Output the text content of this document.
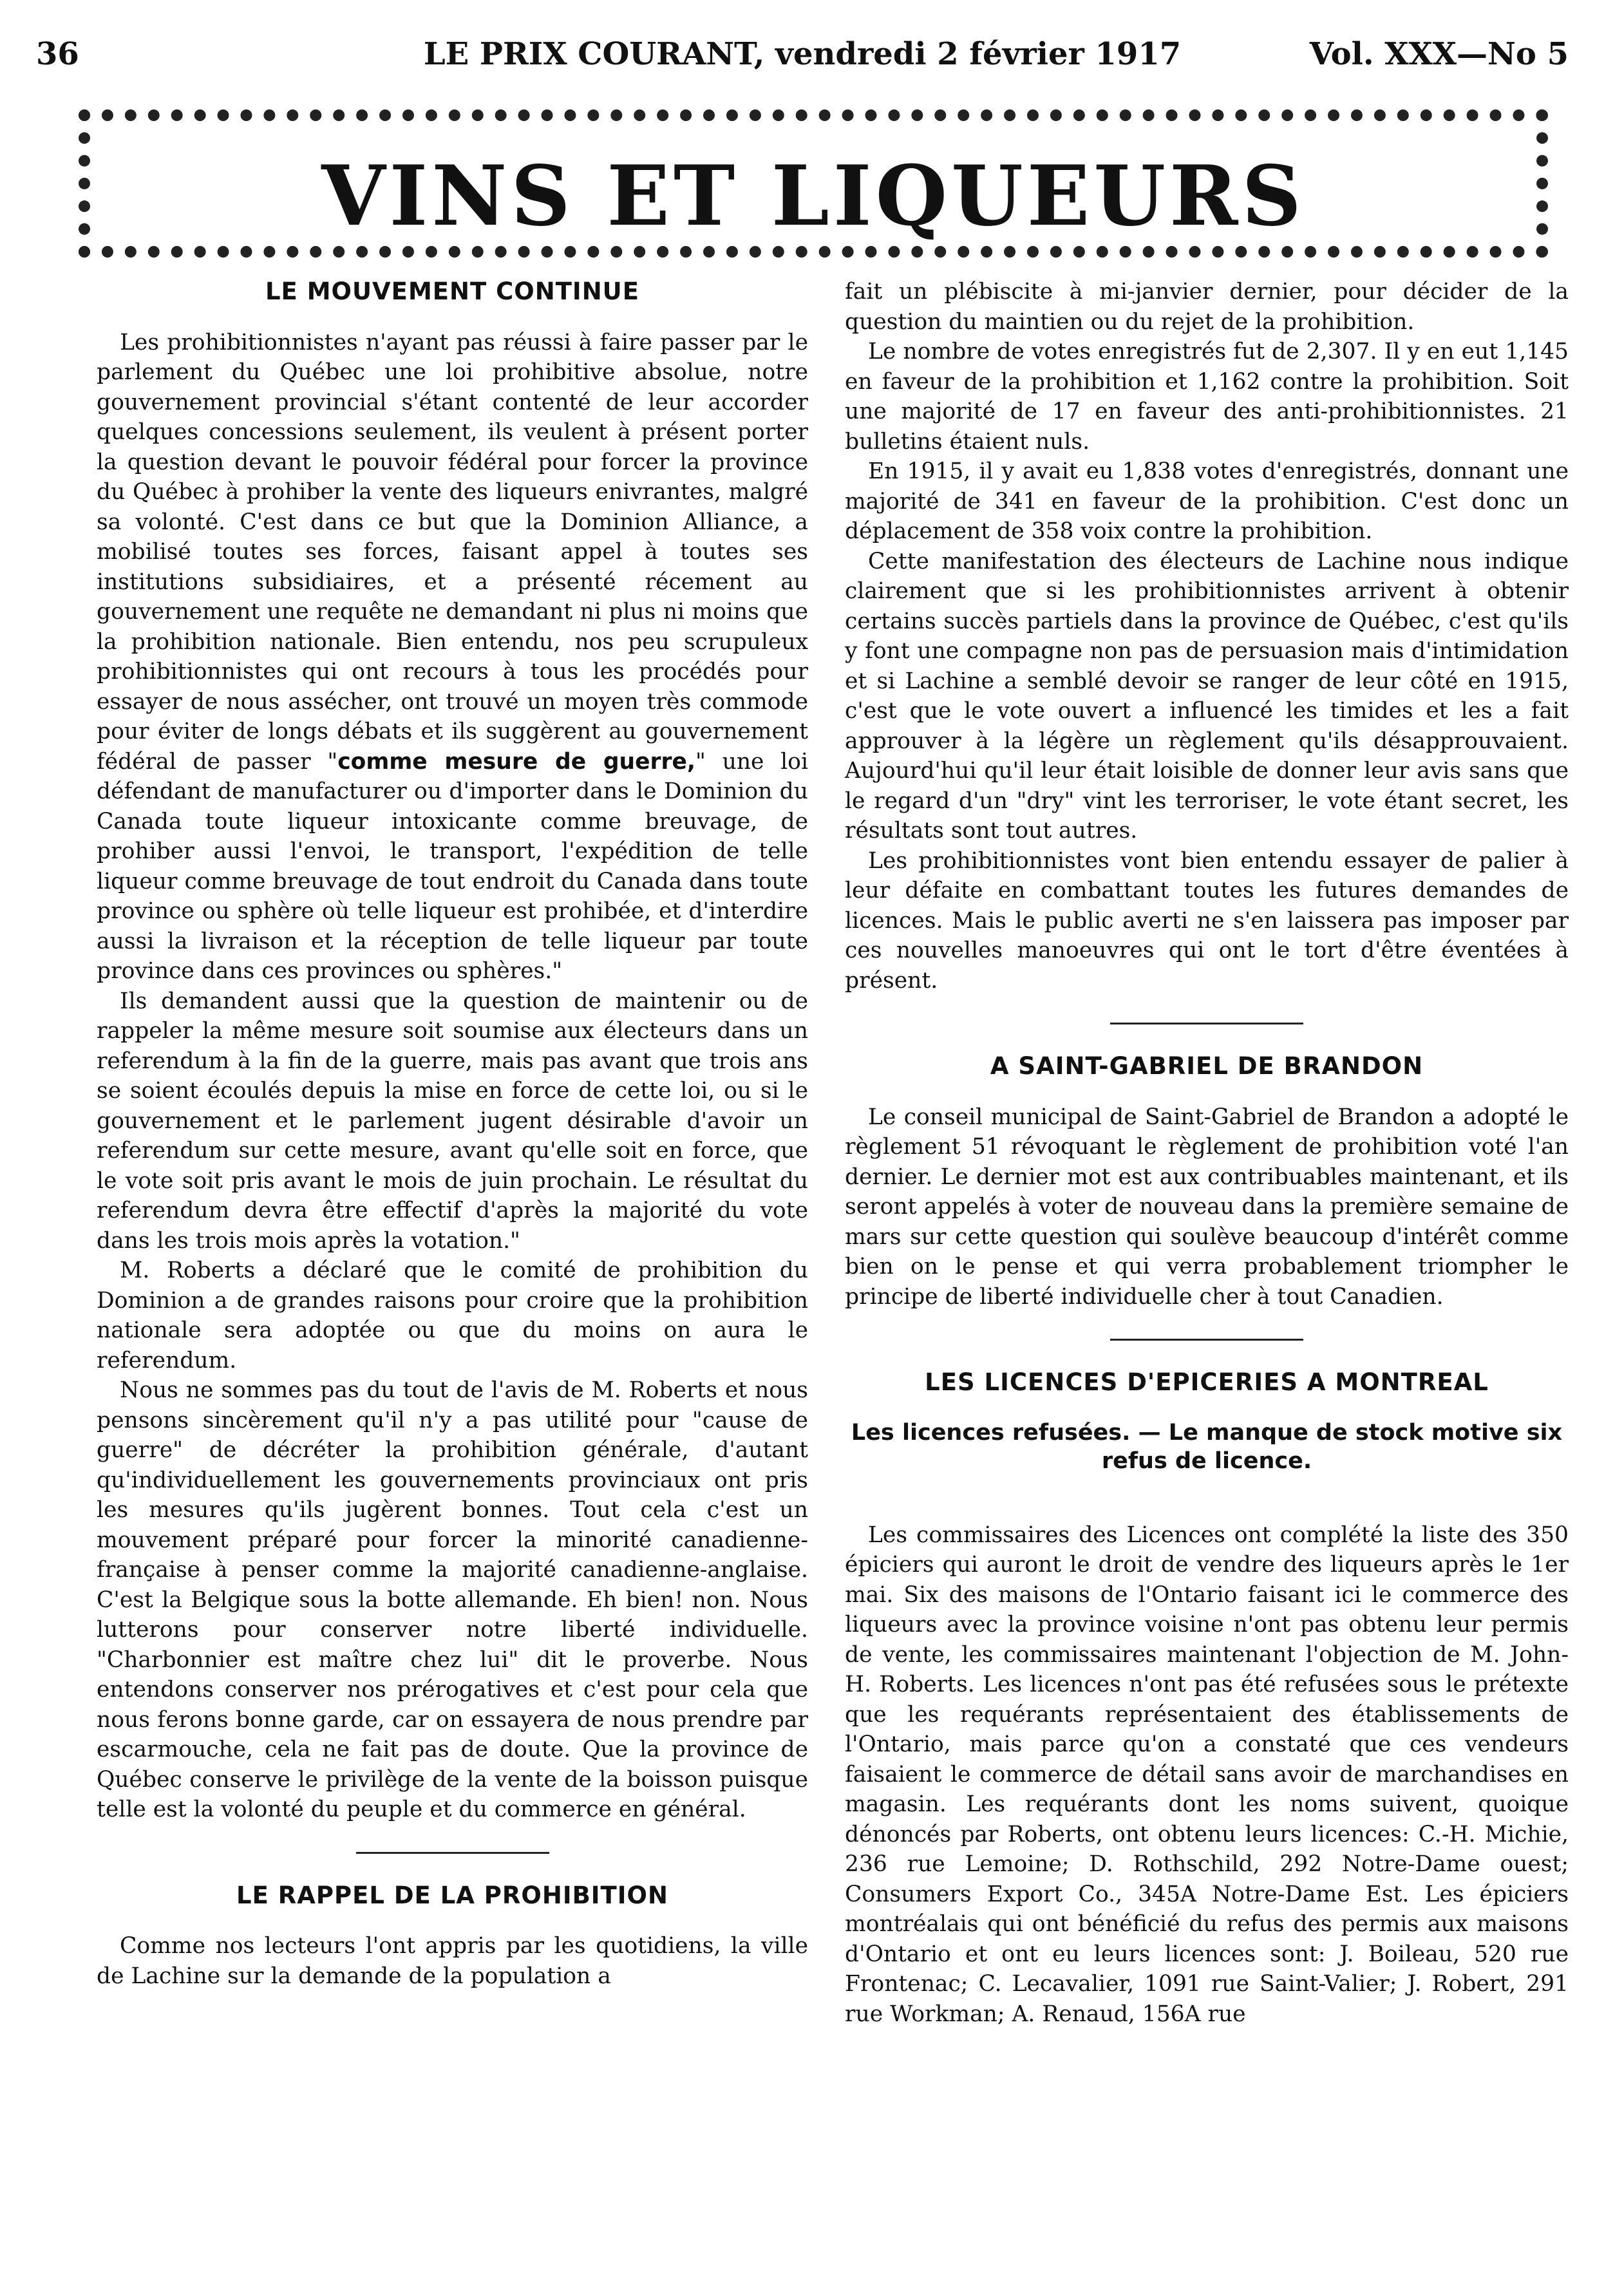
36	LE PRIX COURANT, vendredi 2 février 1917	Vol. XXX—No 5
VINS ET LIQUEURS
LE MOUVEMENT CONTINUE

Les prohibitionnistes n'ayant pas réussi à faire passer par le parlement du Québec une loi prohibitive absolue, notre gouvernement provincial s'étant contenté de leur accorder quelques concessions seulement, ils veulent à présent porter la question devant le pouvoir fédéral pour forcer la province du Québec à prohiber la vente des liqueurs enivrantes, malgré sa volonté. C'est dans ce but que la Dominion Alliance, a mobilisé toutes ses forces, faisant appel à toutes ses institutions subsidiaires, et a présenté récement au gouvernement une requête ne demandant ni plus ni moins que la prohibition nationale. Bien entendu, nos peu scrupuleux prohibitionnistes qui ont recours à tous les procédés pour essayer de nous assécher, ont trouvé un moyen très commode pour éviter de longs débats et ils suggèrent au gouvernement fédéral de passer "comme mesure de guerre," une loi défendant de manufacturer ou d'importer dans le Dominion du Canada toute liqueur intoxicante comme breuvage, de prohiber aussi l'envoi, le transport, l'expédition de telle liqueur comme breuvage de tout endroit du Canada dans toute province ou sphère où telle liqueur est prohibée, et d'interdire aussi la livraison et la réception de telle liqueur par toute province dans ces provinces ou sphères."

Ils demandent aussi que la question de maintenir ou de rappeler la même mesure soit soumise aux électeurs dans un referendum à la fin de la guerre, mais pas avant que trois ans se soient écoulés depuis la mise en force de cette loi, ou si le gouvernement et le parlement jugent désirable d'avoir un referendum sur cette mesure, avant qu'elle soit en force, que le vote soit pris avant le mois de juin prochain. Le résultat du referendum devra être effectif d'après la majorité du vote dans les trois mois après la votation."

M. Roberts a déclaré que le comité de prohibition du Dominion a de grandes raisons pour croire que la prohibition nationale sera adoptée ou que du moins on aura le referendum.

Nous ne sommes pas du tout de l'avis de M. Roberts et nous pensons sincèrement qu'il n'y a pas utilité pour "cause de guerre" de décréter la prohibition générale, d'autant qu'individuellement les gouvernements provinciaux ont pris les mesures qu'ils jugèrent bonnes. Tout cela c'est un mouvement préparé pour forcer la minorité canadienne-française à penser comme la majorité canadienne-anglaise. C'est la Belgique sous la botte allemande. Eh bien! non. Nous lutterons pour conserver notre liberté individuelle. "Charbonnier est maître chez lui" dit le proverbe. Nous entendons conserver nos prérogatives et c'est pour cela que nous ferons bonne garde, car on essayera de nous prendre par escarmouche, cela ne fait pas de doute. Que la province de Québec conserve le privilège de la vente de la boisson puisque telle est la volonté du peuple et du commerce en général.

LE RAPPEL DE LA PROHIBITION

Comme nos lecteurs l'ont appris par les quotidiens, la ville de Lachine sur la demande de la population a

fait un plébiscite à mi-janvier dernier, pour décider de la question du maintien ou du rejet de la prohibition.

Le nombre de votes enregistrés fut de 2,307. Il y en eut 1,145 en faveur de la prohibition et 1,162 contre la prohibition. Soit une majorité de 17 en faveur des anti-prohibitionnistes. 21 bulletins étaient nuls.

En 1915, il y avait eu 1,838 votes d'enregistrés, donnant une majorité de 341 en faveur de la prohibition. C'est donc un déplacement de 358 voix contre la prohibition.

Cette manifestation des électeurs de Lachine nous indique clairement que si les prohibitionnistes arrivent à obtenir certains succès partiels dans la province de Québec, c'est qu'ils y font une compagne non pas de persuasion mais d'intimidation et si Lachine a semblé devoir se ranger de leur côté en 1915, c'est que le vote ouvert a influencé les timides et les a fait approuver à la légère un règlement qu'ils désapprouvaient. Aujourd'hui qu'il leur était loisible de donner leur avis sans que le regard d'un "dry" vint les terroriser, le vote étant secret, les résultats sont tout autres.

Les prohibitionnistes vont bien entendu essayer de palier à leur défaite en combattant toutes les futures demandes de licences. Mais le public averti ne s'en laissera pas imposer par ces nouvelles manoeuvres qui ont le tort d'être éventées à présent.

A SAINT-GABRIEL DE BRANDON

Le conseil municipal de Saint-Gabriel de Brandon a adopté le règlement 51 révoquant le règlement de prohibition voté l'an dernier. Le dernier mot est aux contribuables maintenant, et ils seront appelés à voter de nouveau dans la première semaine de mars sur cette question qui soulève beaucoup d'intérêt comme bien on le pense et qui verra probablement triompher le principe de liberté individuelle cher à tout Canadien.

LES LICENCES D'EPICERIES A MONTREAL
Les licences refusées. — Le manque de stock motive six refus de licence.

Les commissaires des Licences ont complété la liste des 350 épiciers qui auront le droit de vendre des liqueurs après le 1er mai. Six des maisons de l'Ontario faisant ici le commerce des liqueurs avec la province voisine n'ont pas obtenu leur permis de vente, les commissaires maintenant l'objection de M. John-H. Roberts. Les licences n'ont pas été refusées sous le prétexte que les requérants représentaient des établissements de l'Ontario, mais parce qu'on a constaté que ces vendeurs faisaient le commerce de détail sans avoir de marchandises en magasin. Les requérants dont les noms suivent, quoique dénoncés par Roberts, ont obtenu leurs licences: C.-H. Michie, 236 rue Lemoine; D. Rothschild, 292 Notre-Dame ouest; Consumers Export Co., 345A Notre-Dame Est. Les épiciers montréalais qui ont bénéficié du refus des permis aux maisons d'Ontario et ont eu leurs licences sont: J. Boileau, 520 rue Frontenac; C. Lecavalier, 1091 rue Saint-Valier; J. Robert, 291 rue Workman; A. Renaud, 156A rue
